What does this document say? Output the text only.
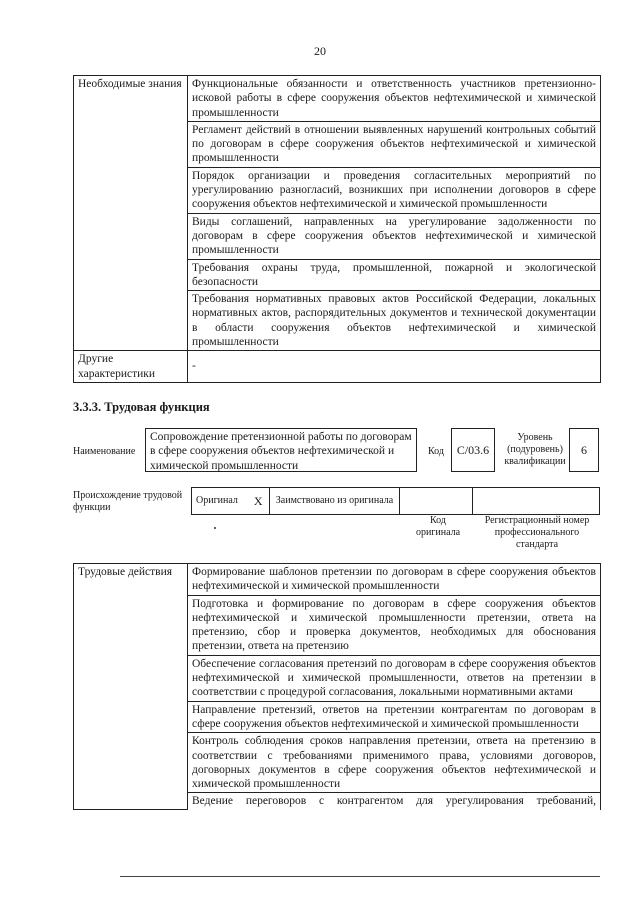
20
Необходимые знания	Функциональные обязанности и ответственность участников претензионно-исковой работы в сфере сооружения объектов нефтехимической и химической промышленности
	Регламент действий в отношении выявленных нарушений контрольных событий по договорам в сфере сооружения объектов нефтехимической и химической промышленности
	Порядок организации и проведения согласительных мероприятий по урегулированию разногласий, возникших при исполнении договоров в сфере сооружения объектов нефтехимической и химической промышленности
	Виды соглашений, направленных на урегулирование задолженности по договорам в сфере сооружения объектов нефтехимической и химической промышленности
	Требования охраны труда, промышленной, пожарной и экологической безопасности
	Требования нормативных правовых актов Российской Федерации, локальных нормативных актов, распорядительных документов и технической документации в области сооружения объектов нефтехимической и химической промышленности
Другие характеристики	-
3.3.3. Трудовая функция
Наименование
Сопровождение претензионной работы по договорам в сфере сооружения объектов нефтехимической и химической промышленности
Код C/03.6
Уровень (подуровень) квалификации
6
Происхождение трудовой функции
Оригинал	X	Заимствовано из оригинала		
Код оригинала
Регистрационный номер профессионального стандарта
Трудовые действия	Формирование шаблонов претензии по договорам в сфере сооружения объектов нефтехимической и химической промышленности
Подготовка и формирование по договорам в сфере сооружения объектов нефтехимической и химической промышленности претензии, ответа на претензию, сбор и проверка документов, необходимых для обоснования претензии, ответа на претензию
Обеспечение согласования претензий по договорам в сфере сооружения объектов нефтехимической и химической промышленности, ответов на претензии в соответствии с процедурой согласования, локальными нормативными актами
Направление претензий, ответов на претензии контрагентам по договорам в сфере сооружения объектов нефтехимической и химической промышленности
Контроль соблюдения сроков направления претензии, ответа на претензию в соответствии с требованиями применимого права, условиями договоров, договорных документов в сфере сооружения объектов нефтехимической и химической промышленности
Ведение переговоров с контрагентом для урегулирования требований,
